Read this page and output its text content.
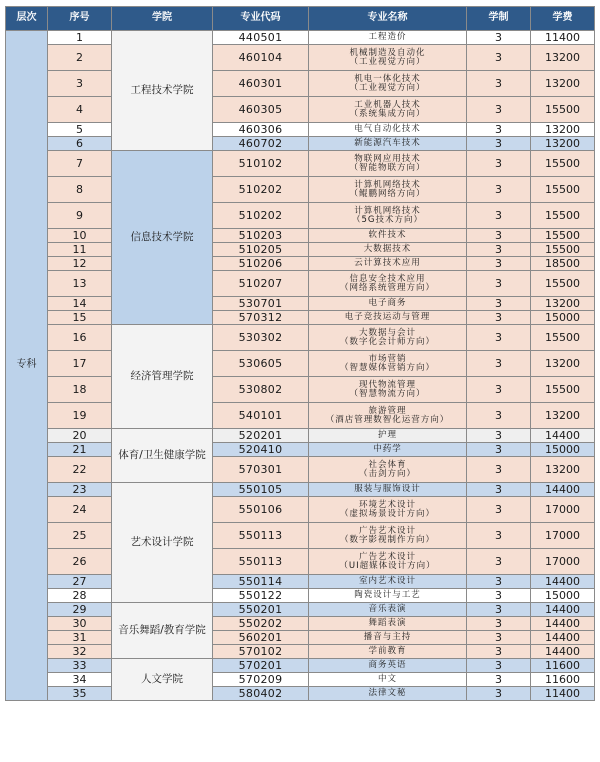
层次	序号	学院	专业代码	专业名称	学制	学费
专科	1	工程技术学院	440501	工程造价	3	11400
	2		460104	机械制造及自动化
（工业视觉方向）	3	13200
	3		460301	机电一体化技术
（工业视觉方向）	3	13200
	4		460305	工业机器人技术
（系统集成方向）	3	15500
	5		460306	电气自动化技术	3	13200
	6		460702	新能源汽车技术	3	13200
	7	信息技术学院	510102	物联网应用技术
（智能物联方向）	3	15500
	8		510202	计算机网络技术
（鲲鹏网络方向）	3	15500
	9		510202	计算机网络技术
（5G技术方向）	3	15500
	10		510203	软件技术	3	15500
	11		510205	大数据技术	3	15500
	12		510206	云计算技术应用	3	18500
	13		510207	信息安全技术应用
（网络系统管理方向）	3	15500
	14		530701	电子商务	3	13200
	15		570312	电子竞技运动与管理	3	15000
	16	经济管理学院	530302	大数据与会计
（数字化会计师方向）	3	15500
	17		530605	市场营销
（智慧媒体营销方向）	3	13200
	18		530802	现代物流管理
（智慧物流方向）	3	15500
	19		540101	旅游管理
（酒店管理数智化运营方向）	3	13200
	20	体育/卫生健康学院	520201	护理	3	14400
	21		520410	中药学	3	15000
	22		570301	社会体育
（击剑方向）	3	13200
	23	艺术设计学院	550105	服装与服饰设计	3	14400
	24		550106	环境艺术设计
（虚拟场景设计方向）	3	17000
	25		550113	广告艺术设计
（数字影视制作方向）	3	17000
	26		550113	广告艺术设计
（UI超媒体设计方向）	3	17000
	27		550114	室内艺术设计	3	14400
	28		550122	陶瓷设计与工艺	3	15000
	29	音乐舞蹈/教育学院	550201	音乐表演	3	14400
	30		550202	舞蹈表演	3	14400
	31		560201	播音与主持	3	14400
	32		570102	学前教育	3	14400
	33	人文学院	570201	商务英语	3	11600
	34		570209	中文	3	11600
	35		580402	法律文秘	3	11400
